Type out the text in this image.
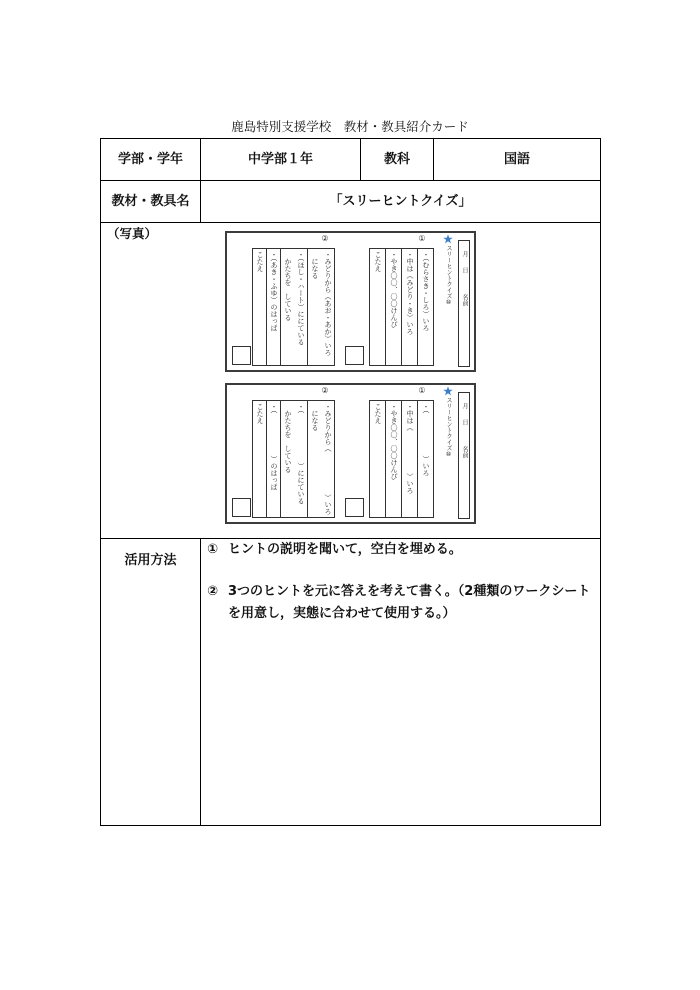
鹿島特別支援学校　教材・教具紹介カード
学部・学年	中学部１年	教科	国語
教材・教具名	「スリーヒントクイズ」
（写真）	②
・みどりから（あお・あか）いろ
になる
・（ほし・ハート）ににている
かたちを　している
・（あき・ふゆ）のはっぱ
こたえ
①
・（むらさき・しろ）いろ
・中は（みどり・き）いろ
・やき〇〇、〇〇けんぴ
こたえ	スリーヒントクイズ⑩	月
日
名前
②
・みどりから（　　　　　　）いろ
になる
・（　　　　　　　）ににている
かたちを　している
・（　　　　　　）のはっぱ
こたえ
①
・（　　　　　　）いろ
・中は（　　　　　　）いろ
・やき〇〇、〇〇けんぴ
こたえ	スリーヒントクイズ⑩	月
日
名前
活用方法
① ヒントの説明を聞いて，空白を埋める。
② 3つのヒントを元に答えを考えて書く。（2種類のワークシートを用意し，実態に合わせて使用する。）
